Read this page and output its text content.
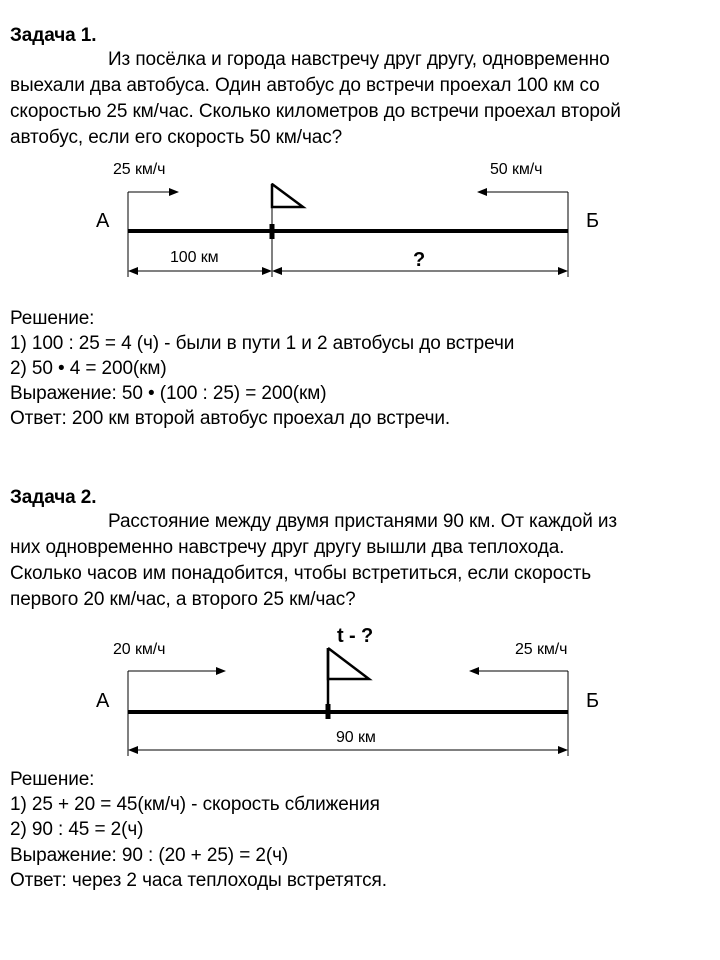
Задача 1.
Из посёлка и города навстречу друг другу, одновременно
выехали два автобуса. Один автобус до встречи проехал 100 км со
скоростью 25 км/час. Сколько километров до встречи проехал второй
автобус, если его скорость 50 км/час?
25 км/ч	50 км/ч
А	Б
100 км	?
Решение:
1) 100 : 25 = 4 (ч) - были в пути 1 и 2 автобусы до встречи
2) 50 • 4 = 200(км)
Выражение: 50 • (100 : 25) = 200(км)
Ответ: 200 км второй автобус проехал до встречи.
Задача 2.
Расстояние между двумя пристанями 90 км. От каждой из
них одновременно навстречу друг другу вышли два теплохода.
Сколько часов им понадобится, чтобы встретиться, если скорость
первого 20 км/час, а второго 25 км/час?
20 км/ч	25 км/ч
t - ?
А	Б
90 км
Решение:
1) 25 + 20 = 45(км/ч) - скорость сближения
2) 90 : 45 = 2(ч)
Выражение: 90 : (20 + 25) = 2(ч)
Ответ: через 2 часа теплоходы встретятся.
